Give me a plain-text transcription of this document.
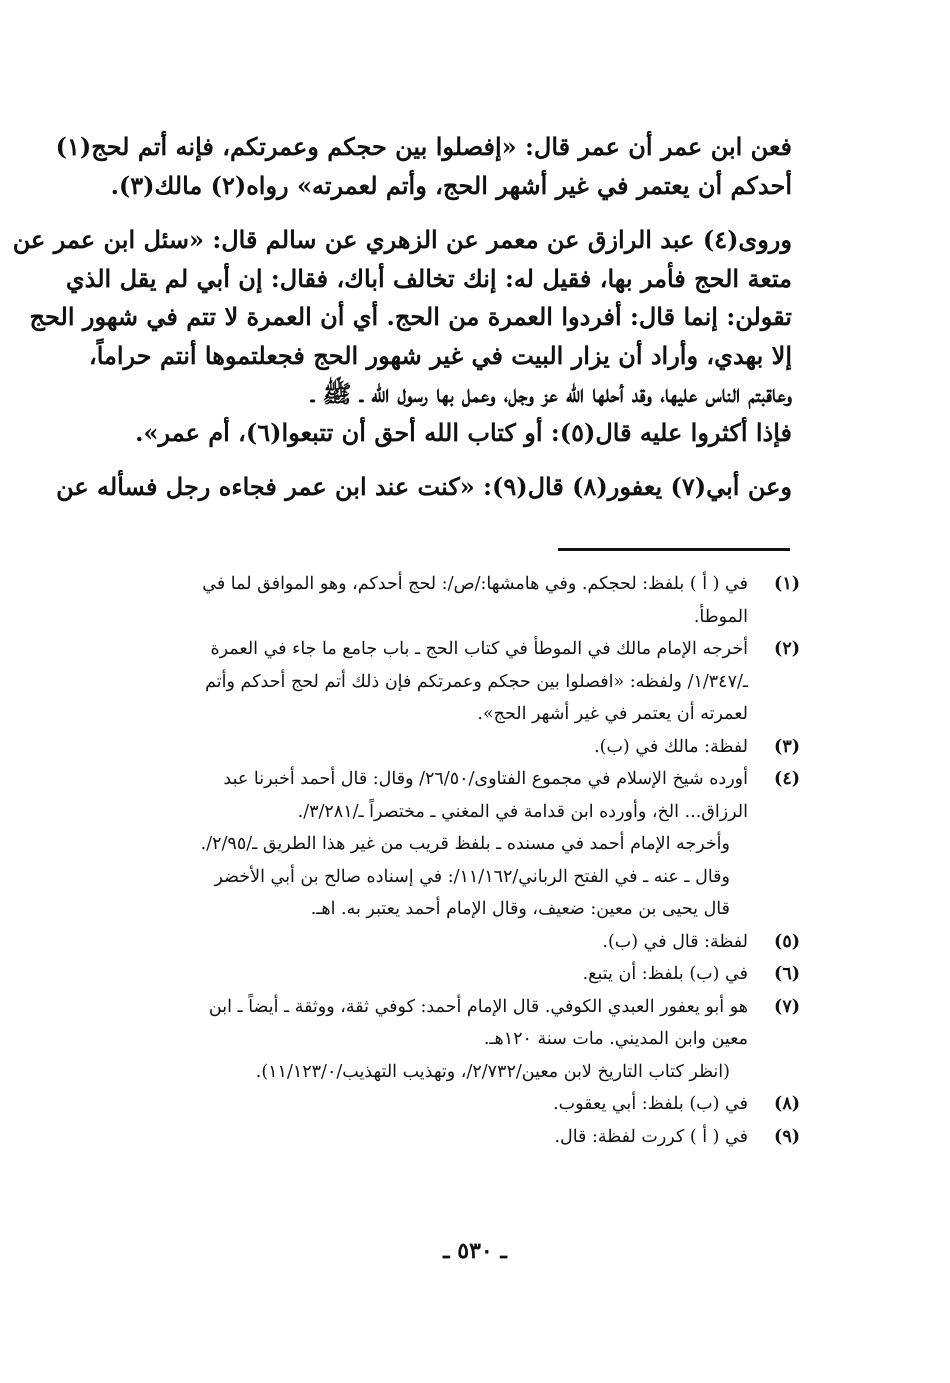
فعن ابن عمر أن عمر قال: «إفصلوا بين حجكم وعمرتكم، فإنه أتم لحج(١)
أحدكم أن يعتمر في غير أشهر الحج، وأتم لعمرته» رواه(٢) مالك(٣).

وروى(٤) عبد الرازق عن معمر عن الزهري عن سالم قال: «سئل ابن عمر عن
متعة الحج فأمر بها، فقيل له: إنك تخالف أباك، فقال: إن أبي لم يقل الذي
تقولن: إنما قال: أفردوا العمرة من الحج. أي أن العمرة لا تتم في شهور الحج
إلا بهدي، وأراد أن يزار البيت في غير شهور الحج فجعلتموها أنتم حراماً،
وعاقبتم الناس عليها، وقد أحلها الله عز وجل، وعمل بها رسول الله ـ ﷺ ـ
فإذا أكثروا عليه قال(٥): أو كتاب الله أحق أن تتبعوا(٦)، أم عمر».

وعن أبي(٧) يعفور(٨) قال(٩): «كنت عند ابن عمر فجاءه رجل فسأله عن

(١)
في ( أ ) بلفظ: لحجكم. وفي هامشها:/ص/: لحج أحدكم، وهو الموافق لما في
الموطأ.
(٢)
أخرجه الإمام مالك في الموطأ في كتاب الحج ـ باب جامع ما جاء في العمرة
ـ/١/٣٤٧/ ولفظه: «افصلوا بين حجكم وعمرتكم فإن ذلك أتم لحج أحدكم وأتم
لعمرته أن يعتمر في غير أشهر الحج».
(٣)
لفظة: مالك في (ب).
(٤)
أورده شيخ الإسلام في مجموع الفتاوى/٢٦/٥٠/ وقال: قال أحمد أخبرنا عبد
الرزاق... الخ، وأورده ابن قدامة في المغني ـ مختصراً ـ/٣/٢٨١/.
وأخرجه الإمام أحمد في مسنده ـ بلفظ قريب من غير هذا الطريق ـ/٢/٩٥/.
وقال ـ عنه ـ في الفتح الرباني/١١/١٦٢/: في إسناده صالح بن أبي الأخضر
قال يحيى بن معين: ضعيف، وقال الإمام أحمد يعتبر به. اهـ.
(٥)
لفظة: قال في (ب).
(٦)
في (ب) بلفظ: أن يتبع.
(٧)
هو أبو يعفور العبدي الكوفي. قال الإمام أحمد: كوفي ثقة، ووثقة ـ أيضاً ـ ابن
معين وابن المديني. مات سنة ١٢٠هـ.
(انظر كتاب التاريخ لابن معين/٢/٧٣٢/، وتهذيب التهذيب/١١/١٢٣/٠).
(٨)
في (ب) بلفظ: أبي يعقوب.
(٩)
في ( أ ) كررت لفظة: قال.
ـ ٥٣٠ ـ
